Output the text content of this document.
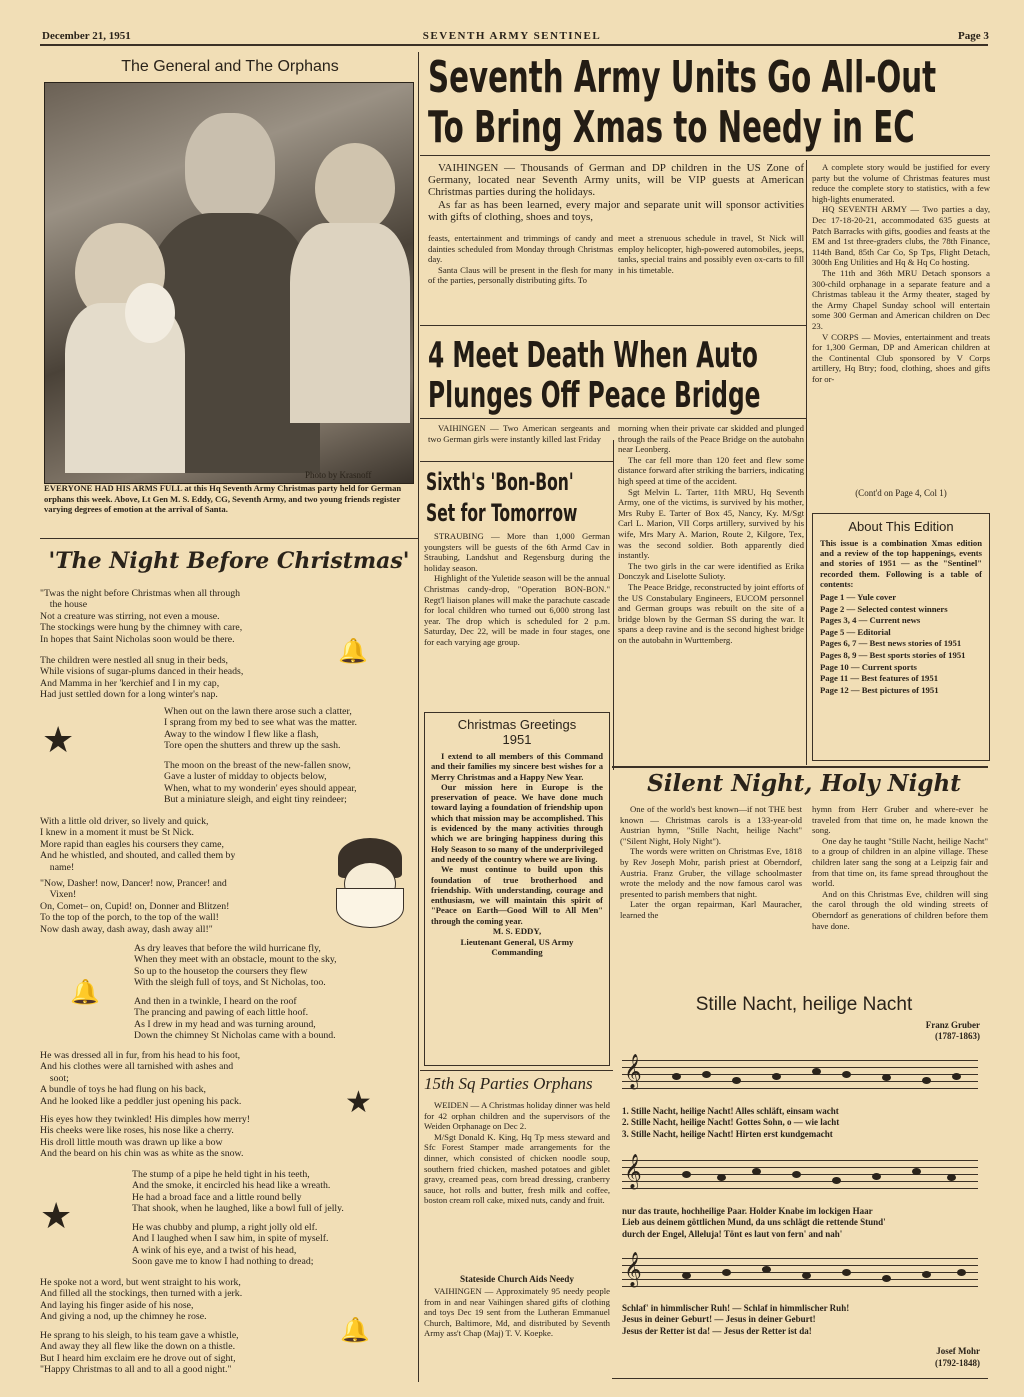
December 21, 1951	SEVENTH ARMY SENTINEL	Page 3
The General and The Orphans
Photo by Krasnoff
EVERYONE HAD HIS ARMS FULL at this Hq Seventh Army Christmas party held for German orphans this week. Above, Lt Gen M. S. Eddy, CG, Seventh Army, and two young friends register varying degrees of emotion at the arrival of Santa.
'The Night Before Christmas'
"Twas the night before Christmas when all through
the house
Not a creature was stirring, not even a mouse.
The stockings were hung by the chimney with care,
In hopes that Saint Nicholas soon would be there.
The children were nestled all snug in their beds,
While visions of sugar-plums danced in their heads,
And Mamma in her 'kerchief and I in my cap,
Had just settled down for a long winter's nap.
When out on the lawn there arose such a clatter,
I sprang from my bed to see what was the matter.
Away to the window I flew like a flash,
Tore open the shutters and threw up the sash.
The moon on the breast of the new-fallen snow,
Gave a luster of midday to objects below,
When, what to my wonderin' eyes should appear,
But a miniature sleigh, and eight tiny reindeer;
With a little old driver, so lively and quick,
I knew in a moment it must be St Nick.
More rapid than eagles his coursers they came,
And he whistled, and shouted, and called them by
name!
"Now, Dasher! now, Dancer! now, Prancer! and
Vixen!
On, Comet– on, Cupid! on, Donner and Blitzen!
To the top of the porch, to the top of the wall!
Now dash away, dash away, dash away all!"
As dry leaves that before the wild hurricane fly,
When they meet with an obstacle, mount to the sky,
So up to the housetop the coursers they flew
With the sleigh full of toys, and St Nicholas, too.
And then in a twinkle, I heard on the roof
The prancing and pawing of each little hoof.
As I drew in my head and was turning around,
Down the chimney St Nicholas came with a bound.
He was dressed all in fur, from his head to his foot,
And his clothes were all tarnished with ashes and
soot;
A bundle of toys he had flung on his back,
And he looked like a peddler just opening his pack.
His eyes how they twinkled! His dimples how merry!
His cheeks were like roses, his nose like a cherry.
His droll little mouth was drawn up like a bow
And the beard on his chin was as white as the snow.
The stump of a pipe he held tight in his teeth,
And the smoke, it encircled his head like a wreath.
He had a broad face and a little round belly
That shook, when he laughed, like a bowl full of jelly.
He was chubby and plump, a right jolly old elf.
And I laughed when I saw him, in spite of myself.
A wink of his eye, and a twist of his head,
Soon gave me to know I had nothing to dread;
He spoke not a word, but went straight to his work,
And filled all the stockings, then turned with a jerk.
And laying his finger aside of his nose,
And giving a nod, up the chimney he rose.
He sprang to his sleigh, to his team gave a whistle,
And away they all flew like the down on a thistle.
But I heard him exclaim ere he drove out of sight,
"Happy Christmas to all and to all a good night."
★
★
★
🔔
🔔
🔔
Seventh Army Units Go All-Out
To Bring Xmas to Needy in EC

VAIHINGEN — Thousands of German and DP children in the US Zone of Germany, located near Seventh Army units, will be VIP guests at American Christmas parties during the holidays.

As far as has been learned, every major and separate unit will sponsor activities with gifts of clothing, shoes and toys,

feasts, entertainment and trimmings of candy and dainties scheduled from Monday through Christmas day.

Santa Claus will be present in the flesh for many of the parties, personally distributing gifts. To

meet a strenuous schedule in travel, St Nick will employ helicopter, high-powered automobiles, jeeps, tanks, special trains and possibly even ox-carts to fill in his timetable.

A complete story would be justified for every party but the volume of Christmas features must reduce the complete story to statistics, with a few high-lights enumerated.

HQ SEVENTH ARMY — Two parties a day, Dec 17-18-20-21, accommodated 635 guests at Patch Barracks with gifts, goodies and feasts at the EM and 1st three-graders clubs, the 78th Finance, 114th Band, 85th Car Co, Sp Tps, Flight Detach, 300th Eng Utilities and Hq & Hq Co hosting.

The 11th and 36th MRU Detach sponsors a 300-child orphanage in a separate feature and a Christmas tableau it the Army theater, staged by the Army Chapel Sunday school will entertain some 300 German and American children on Dec 23.

V CORPS — Movies, entertainment and treats for 1,300 German, DP and American children at the Continental Club sponsored by V Corps artillery, Hq Btry; food, clothing, shoes and gifts for or-

(Cont'd on Page 4, Col 1)
4 Meet Death When Auto
Plunges Off Peace Bridge

VAIHINGEN — Two American sergeants and two German girls were instantly killed last Friday

morning when their private car skidded and plunged through the rails of the Peace Bridge on the autobahn near Leonberg.

The car fell more than 120 feet and flew some distance forward after striking the barriers, indicating high speed at time of the accident.

Sgt Melvin L. Tarter, 11th MRU, Hq Seventh Army, one of the victims, is survived by his mother, Mrs Ruby E. Tarter of Box 45, Nancy, Ky. M/Sgt Carl L. Marion, VII Corps artillery, survived by his wife, Mrs Mary A. Marion, Route 2, Kilgore, Tex, was the second soldier. Both apparently died instantly.

The two girls in the car were identified as Erika Donczyk and Liselotte Sulioty.

The Peace Bridge, reconstructed by joint efforts of the US Constabulary Engineers, EUCOM personnel and German groups was rebuilt on the site of a bridge blown by the German SS during the war. It spans a deep ravine and is the second highest bridge on the autobahn in Wurttemberg.

Sixth's 'Bon-Bon'
Set for Tomorrow

STRAUBING — More than 1,000 German youngsters will be guests of the 6th Armd Cav in Straubing, Landshut and Regensburg during the holiday season.

Highlight of the Yuletide season will be the annual Christmas candy-drop, "Operation BON-BON." Regt'l liaison planes will make the parachute cascade for local children who turned out 6,000 strong last year. The drop which is scheduled for 2 p.m. Saturday, Dec 22, will be made in four stages, one for each varying age group.

Christmas Greetings
1951

I extend to all members of this Command and their families my sincere best wishes for a Merry Christmas and a Happy New Year.

Our mission here in Europe is the preservation of peace. We have done much toward laying a foundation of friendship upon which that mission may be accomplished. This is evidenced by the many activities through which we are bringing happiness during this Holy Season to so many of the underprivileged and needy of the country where we are living.

We must continue to build upon this foundation of true brotherhood and friendship. With understanding, courage and enthusiasm, we will maintain this spirit of "Peace on Earth—Good Will to All Men" through the coming year.

M. S. EDDY,
Lieutenant General, US Army
Commanding
15th Sq Parties Orphans

WEIDEN — A Christmas holiday dinner was held for 42 orphan children and the supervisors of the Weiden Orphanage on Dec 2.

M/Sgt Donald K. King, Hq Tp mess steward and Sfc Forest Stamper made arrangements for the dinner, which consisted of chicken noodle soup, southern fried chicken, mashed potatoes and giblet gravy, creamed peas, corn bread dressing, cranberry sauce, hot rolls and butter, fresh milk and coffee, boston cream roll cake, mixed nuts, candy and fruit.

Stateside Church Aids Needy

VAIHINGEN — Approximately 95 needy people from in and near Vaihingen shared gifts of clothing and toys Dec 19 sent from the Lutheran Emmanuel Church, Baltimore, Md, and distributed by Seventh Army ass't Chap (Maj) T. V. Koepke.

About This Edition
This issue is a combination Xmas edition and a review of the top happenings, events and stories of 1951 — as the "Sentinel" recorded them. Following is a table of contents:
Page 1 — Yule cover
Page 2 — Selected contest winners
Pages 3, 4 — Current news
Page 5 — Editorial
Pages 6, 7 — Best news stories of 1951
Pages 8, 9 — Best sports stories of 1951
Page 10 — Current sports
Page 11 — Best features of 1951
Page 12 — Best pictures of 1951
Silent Night, Holy Night

One of the world's best known—if not THE best known — Christmas carols is a 133-year-old Austrian hymn, "Stille Nacht, heilige Nacht" ("Silent Night, Holy Night").

The words were written on Christmas Eve, 1818 by Rev Joseph Mohr, parish priest at Oberndorf, Austria. Franz Gruber, the village schoolmaster wrote the melody and the now famous carol was presented to parish members that night.

Later the organ repairman, Karl Mauracher, learned the

hymn from Herr Gruber and where-ever he traveled from that time on, he made known the song.

One day he taught "Stille Nacht, heilige Nacht" to a group of children in an alpine village. These children later sang the song at a Leipzig fair and from that time on, its fame spread throughout the world.

And on this Christmas Eve, children will sing the carol through the old winding streets of Oberndorf as generations of children before them have done.

Stille Nacht, heilige Nacht
Franz Gruber
(1787-1863)
𝄞
1. Stille Nacht, heilige Nacht! Alles schläft, einsam wacht
2. Stille Nacht, heilige Nacht! Gottes Sohn, o — wie lacht
3. Stille Nacht, heilige Nacht! Hirten erst kundgemacht
𝄞
nur das traute, hochheilige Paar. Holder Knabe im lockigen Haar
Lieb aus deinem göttlichen Mund, da uns schlägt die rettende Stund'
durch der Engel, Alleluja! Tönt es laut von fern' and nah'
𝄞
Schlaf' in himmlischer Ruh! — Schlaf in himmlischer Ruh!
Jesus in deiner Geburt! — Jesus in deiner Geburt!
Jesus der Retter ist da! — Jesus der Retter ist da!
Josef Mohr
(1792-1848)
